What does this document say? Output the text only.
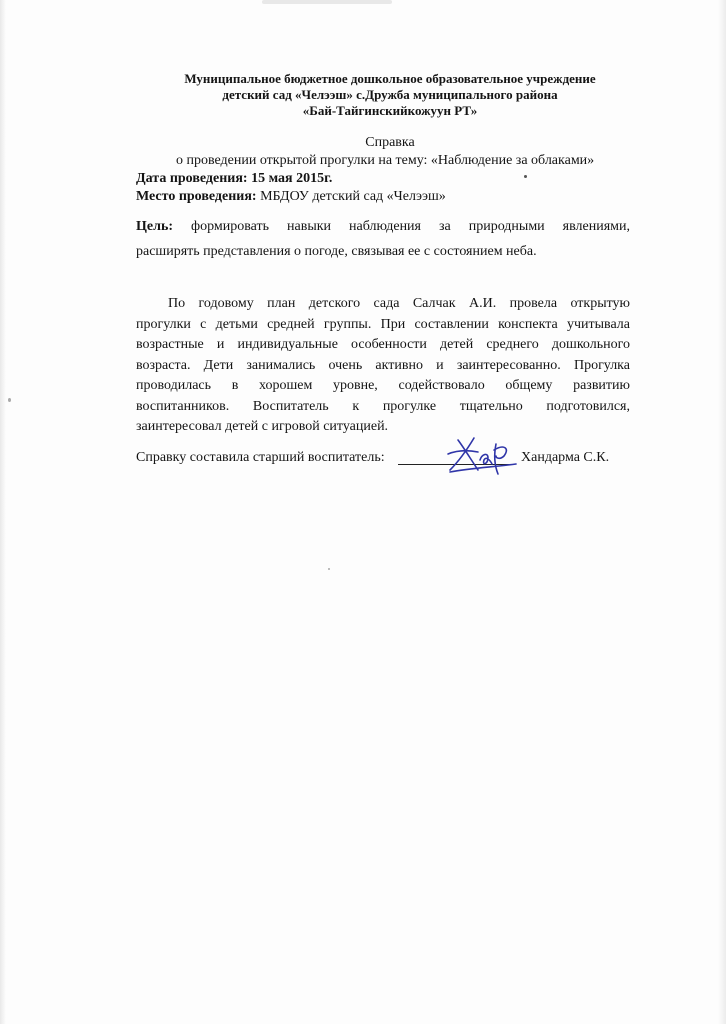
Муниципальное бюджетное дошкольное образовательное учреждение
детский сад «Челээш» с.Дружба муниципального района
«Бай-Тайгинскийкожуун РТ»
Справка
о проведении открытой прогулки на тему: «Наблюдение за облаками»
Дата проведения: 15 мая 2015г.
Место проведения: МБДОУ детский сад «Челээш»
Цель: формировать навыки наблюдения за природными явлениями,
расширять представления о погоде, связывая ее с состоянием неба.
По годовому план детского сада Салчак А.И. провела открытую
прогулки с детьми средней группы. При составлении конспекта учитывала
возрастные и индивидуальные особенности детей среднего дошкольного
возраста. Дети занимались очень активно и заинтересованно. Прогулка
проводилась в хорошем уровне, содействовало общему развитию
воспитанников. Воспитатель к прогулке тщательно подготовился,
заинтересовал детей с игровой ситуацией.
Справку составила старший воспитатель:	Хандарма С.К.
